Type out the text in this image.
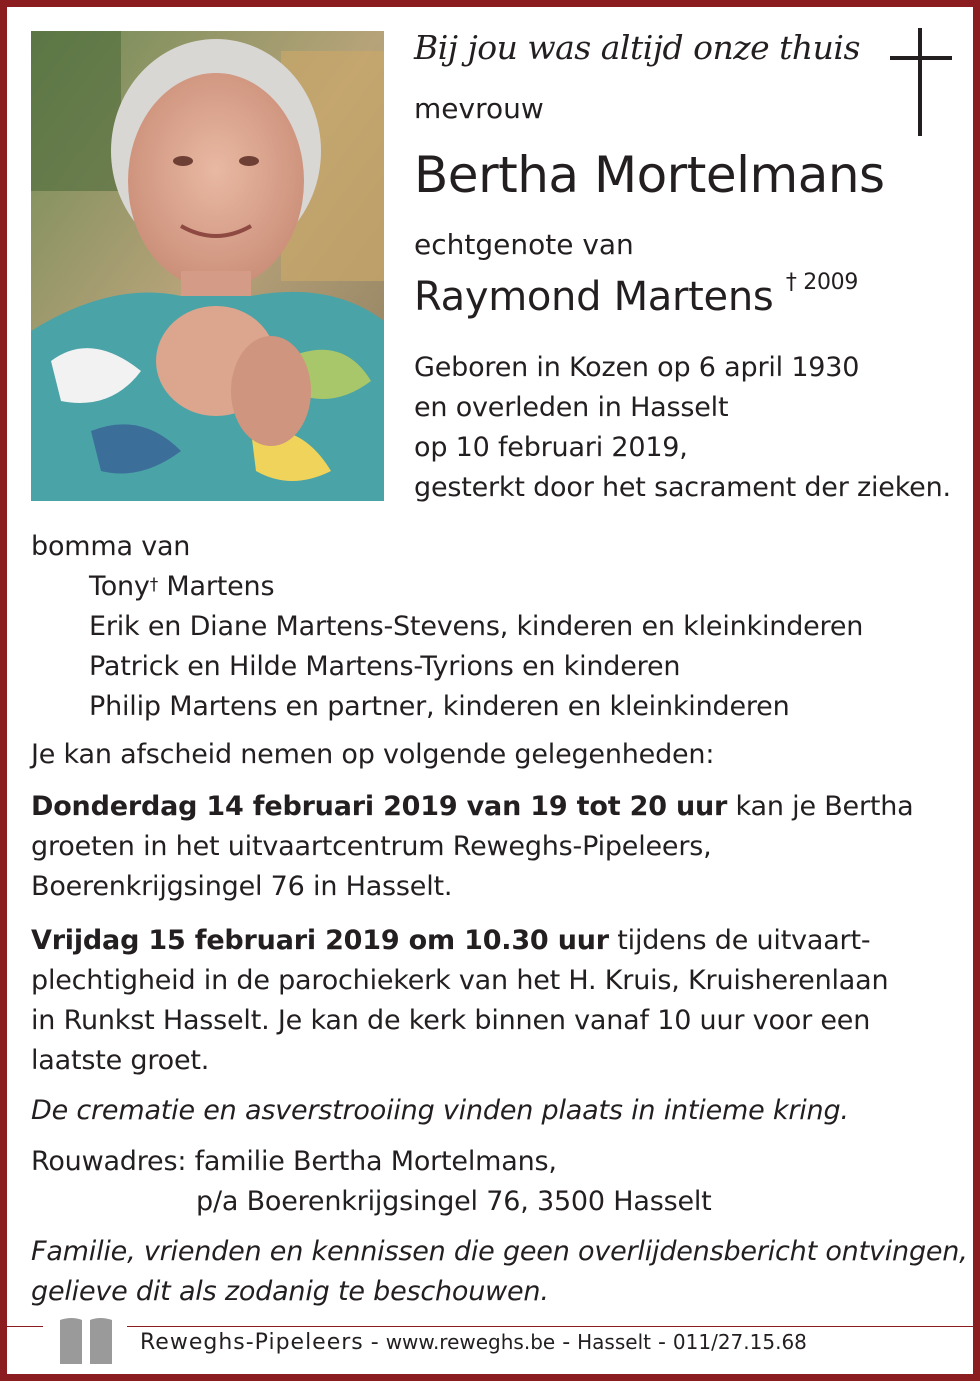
Bij jou was altijd onze thuis
mevrouw
Bertha Mortelmans
echtgenote van
Raymond Martens $^{\dagger 2009}$
Geboren in Kozen op 6 april 1930
en overleden in Hasselt
op 10 februari 2019,
gesterkt door het sacrament der zieken.
bomma van
Tony† Martens
Erik en Diane Martens-Stevens, kinderen en kleinkinderen
Patrick en Hilde Martens-Tyrions en kinderen
Philip Martens en partner, kinderen en kleinkinderen
Je kan afscheid nemen op volgende gelegenheden:
Donderdag 14 februari 2019 van 19 tot 20 uur kan je Bertha
groeten in het uitvaartcentrum Reweghs-Pipeleers,
Boerenkrijgsingel 76 in Hasselt.
Vrijdag 15 februari 2019 om 10.30 uur tijdens de uitvaart-
plechtigheid in de parochiekerk van het H. Kruis, Kruisherenlaan
in Runkst Hasselt. Je kan de kerk binnen vanaf 10 uur voor een
laatste groet.
De crematie en asverstrooiing vinden plaats in intieme kring.
Rouwadres: familie Bertha Mortelmans,
p/a Boerenkrijgsingel 76, 3500 Hasselt
Familie, vrienden en kennissen die geen overlijdensbericht ontvingen,
gelieve dit als zodanig te beschouwen.
Reweghs-Pipeleers - www.reweghs.be - Hasselt - 011/27.15.68
